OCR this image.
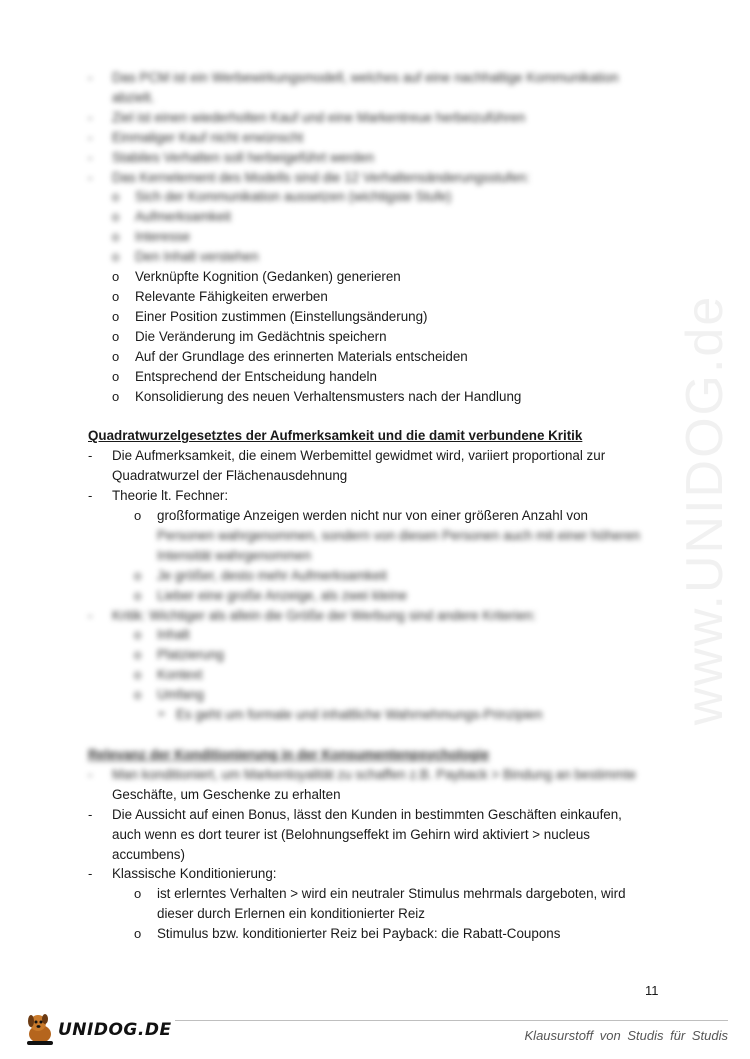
www.UNIDOG.de
- Das PCM ist ein Werbewirkungsmodell, welches auf eine nachhaltige Kommunikation abzielt.
- Ziel ist einen wiederholten Kauf und eine Markentreue herbeizuführen
- Einmaliger Kauf nicht erwünscht
- Stabiles Verhalten soll herbeigeführt werden
- Das Kernelement des Modells sind die 12 Verhaltensänderungsstufen:
o Sich der Kommunikation aussetzen (wichtigste Stufe)
o Aufmerksamkeit
o Interesse
o Den Inhalt verstehen
o Verknüpfte Kognition (Gedanken) generieren
o Relevante Fähigkeiten erwerben
o Einer Position zustimmen (Einstellungsänderung)
o Die Veränderung im Gedächtnis speichern
o Auf der Grundlage des erinnerten Materials entscheiden
o Entsprechend der Entscheidung handeln
o Konsolidierung des neuen Verhaltensmusters nach der Handlung
Quadratwurzelgesetztes der Aufmerksamkeit und die damit verbundene Kritik
- Die Aufmerksamkeit, die einem Werbemittel gewidmet wird, variiert proportional zur Quadratwurzel der Flächenausdehnung
- Theorie lt. Fechner:
o großformatige Anzeigen werden nicht nur von einer größeren Anzahl von
Personen wahrgenommen, sondern von diesen Personen auch mit einer höheren Intensität wahrgenommen
o Je größer, desto mehr Aufmerksamkeit
o Lieber eine große Anzeige, als zwei kleine
- Kritik: Wichtiger als allein die Größe der Werbung sind andere Kriterien:
o Inhalt
o Platzierung
o Kontext
o Umfang
➢ Es geht um formale und inhaltliche Wahrnehmungs-Prinzipien
Relevanz der Konditionierung in der Konsumentenpsychologie
- Man konditioniert, um Markenloyalität zu schaffen z.B. Payback > Bindung an bestimmte
Geschäfte, um Geschenke zu erhalten
- Die Aussicht auf einen Bonus, lässt den Kunden in bestimmten Geschäften einkaufen, auch wenn es dort teurer ist (Belohnungseffekt im Gehirn wird aktiviert > nucleus accumbens)
- Klassische Konditionierung:
o ist erlerntes Verhalten > wird ein neutraler Stimulus mehrmals dargeboten, wird dieser durch Erlernen ein konditionierter Reiz
o Stimulus bzw. konditionierter Reiz bei Payback: die Rabatt-Coupons
11
UNIDOG.DE	Klausurstoff von Studis für Studis
